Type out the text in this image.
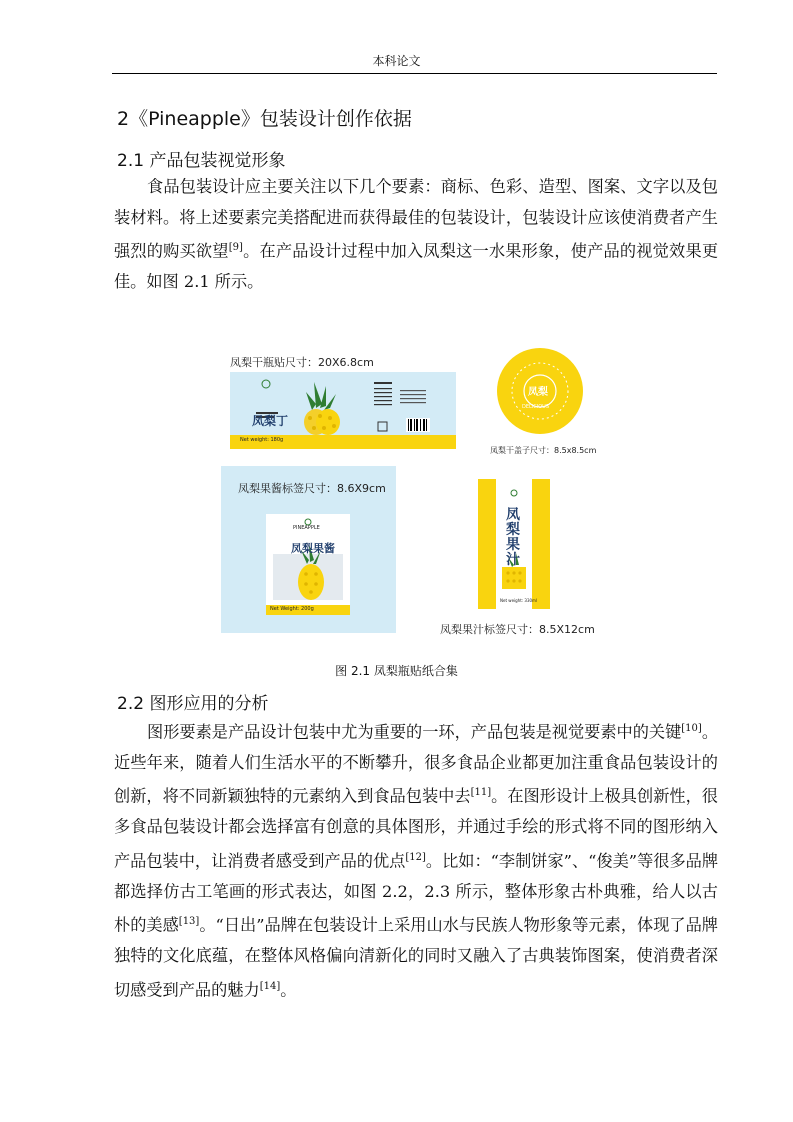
本科论文
2《Pineapple》包装设计创作依据
2.1 产品包装视觉形象

食品包装设计应主要关注以下几个要素：商标、色彩、造型、图案、文字以及包装材料。将上述要素完美搭配进而获得最佳的包装设计，包装设计应该使消费者产生强烈的购买欲望[9]。在产品设计过程中加入凤梨这一水果形象，使产品的视觉效果更佳。如图 2.1 所示。

凤梨干瓶贴尺寸：20X6.8cm
凤梨丁
Net weight: 180g
凤梨
DELICIOUS
凤梨干盖子尺寸：8.5x8.5cm
凤梨果酱标签尺寸：8.6X9cm
PINEAPPLE
凤梨果酱
Net Weight: 200g
凤梨果汁
Net weight: 330ml
凤梨果汁标签尺寸：8.5X12cm
图 2.1 凤梨瓶贴纸合集
2.2 图形应用的分析

图形要素是产品设计包装中尤为重要的一环，产品包装是视觉要素中的关键[10]。近些年来，随着人们生活水平的不断攀升，很多食品企业都更加注重食品包装设计的创新，将不同新颖独特的元素纳入到食品包装中去[11]。在图形设计上极具创新性，很多食品包装设计都会选择富有创意的具体图形，并通过手绘的形式将不同的图形纳入产品包装中，让消费者感受到产品的优点[12]。比如：“李制饼家”、“俊美”等很多品牌都选择仿古工笔画的形式表达，如图 2.2，2.3 所示，整体形象古朴典雅，给人以古朴的美感[13]。“日出”品牌在包装设计上采用山水与民族人物形象等元素，体现了品牌独特的文化底蕴，在整体风格偏向清新化的同时又融入了古典装饰图案，使消费者深切感受到产品的魅力[14]。
